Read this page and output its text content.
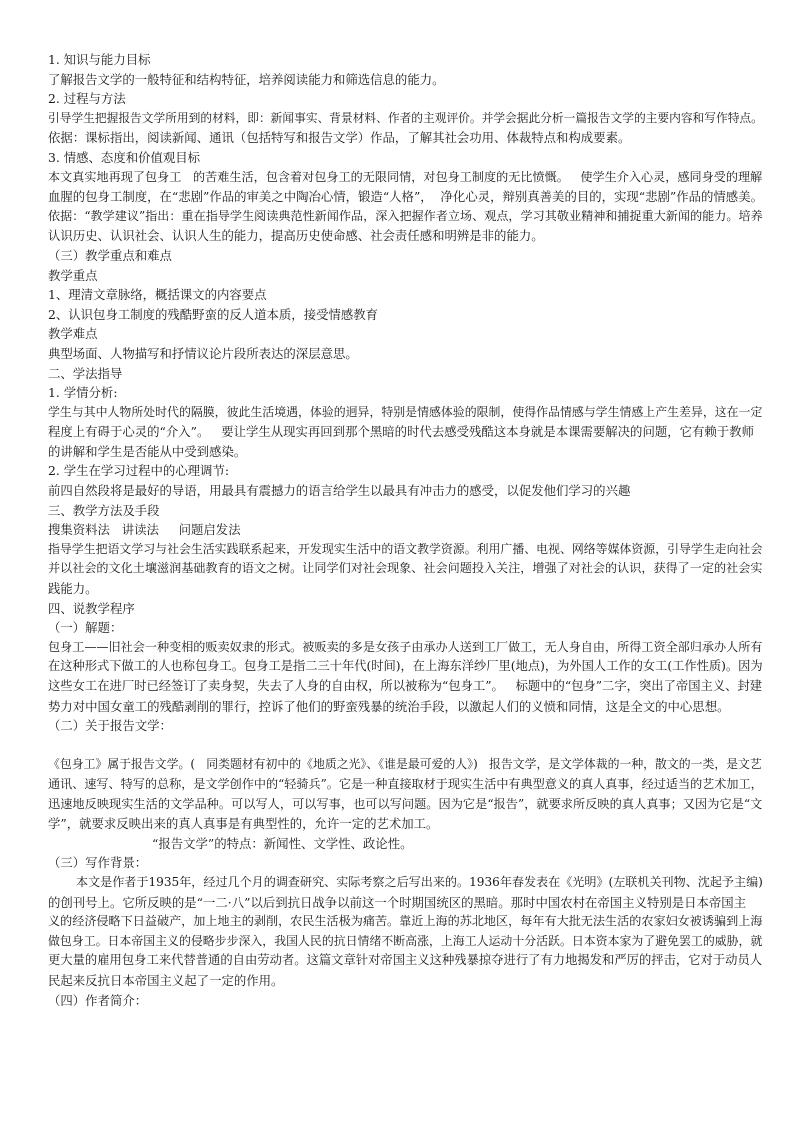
1. 知识与能力目标
了解报告文学的一般特征和结构特征，培养阅读能力和筛选信息的能力。
2. 过程与方法
引导学生把握报告文学所用到的材料，即：新闻事实、背景材料、作者的主观评价。并学会据此分析一篇报告文学的主要内容和写作特点。
依据：课标指出，阅读新闻、通讯（包括特写和报告文学）作品，了解其社会功用、体裁特点和构成要素。
3. 情感、态度和价值观目标
本文真实地再现了包身工   的苦难生活，包含着对包身工的无限同情，对包身工制度的无比愤慨。   使学生介入心灵，感同身受的理解
血腥的包身工制度，在“悲剧”作品的审美之中陶冶心情，锻造“人格”，  净化心灵，辩别真善美的目的，实现“悲剧”作品的情感美。
依据：“教学建议”指出：重在指导学生阅读典范性新闻作品，深入把握作者立场、观点，学习其敬业精神和捕捉重大新闻的能力。培养
认识历史、认识社会、认识人生的能力，提高历史使命感、社会责任感和明辨是非的能力。
（三）教学重点和难点
教学重点
1、理清文章脉络，概括课文的内容要点
2、认识包身工制度的残酷野蛮的反人道本质，接受情感教育
教学难点
典型场面、人物描写和抒情议论片段所表达的深层意思。
二、学法指导
1. 学情分析:
学生与其中人物所处时代的隔膜，彼此生活境遇，体验的迥异，特别是情感体验的限制，使得作品情感与学生情感上产生差异，这在一定
程度上有碍于心灵的“介入”。   要让学生从现实再回到那个黑暗的时代去感受残酷这本身就是本课需要解决的问题，它有赖于教师
的讲解和学生是否能从中受到感染。
2. 学生在学习过程中的心理调节:
前四自然段将是最好的导语，用最具有震撼力的语言给学生以最具有冲击力的感受，以促发他们学习的兴趣
三、教学方法及手段
搜集资料法   讲读法     问题启发法
指导学生把语文学习与社会生活实践联系起来，开发现实生活中的语文教学资源。利用广播、电视、网络等媒体资源，引导学生走向社会
并以社会的文化土壤滋润基础教育的语文之树。让同学们对社会现象、社会问题投入关注，增强了对社会的认识，获得了一定的社会实
践能力。
四、说教学程序
（一）解题：
包身工——旧社会一种变相的贩卖奴隶的形式。被贩卖的多是女孩子由承办人送到工厂做工，无人身自由，所得工资全部归承办人所有
在这种形式下做工的人也称包身工。包身工是指二三十年代(时间)，在上海东洋纱厂里(地点)，为外国人工作的女工(工作性质)。因为
这些女工在进厂时已经签订了卖身契，失去了人身的自由权，所以被称为“包身工”。   标题中的“包身”二字，突出了帝国主义、封建
势力对中国女童工的残酷剥削的罪行，控诉了他们的野蛮残暴的统治手段，以激起人们的义愤和同情，这是全文的中心思想。
（二）关于报告文学：
《包身工》属于报告文学。(   同类题材有初中的《地质之光》、《谁是最可爱的人》)   报告文学，是文学体裁的一种，散文的一类，是文艺
通讯、速写、特写的总称，是文学创作中的“轻骑兵”。它是一种直接取材于现实生活中有典型意义的真人真事，经过适当的艺术加工，
迅速地反映现实生活的文学品种。可以写人，可以写事，也可以写问题。因为它是“报告”，就要求所反映的真人真事；又因为它是“文
学”，就要求反映出来的真人真事是有典型性的，允许一定的艺术加工。
“报告文学”的特点：新闻性、文学性、政论性。
（三）写作背景：
本文是作者于1935年，经过几个月的调查研究、实际考察之后写出来的。1936年春发表在《光明》(左联机关刊物、沈起予主编)
的创刊号上。它所反映的是“一二·八”以后到抗日战争以前这一个时期国统区的黑暗。那时中国农村在帝国主义特别是日本帝国主
义的经济侵略下日益破产，加上地主的剥削，农民生活极为痛苦。靠近上海的苏北地区，每年有大批无法生活的农家妇女被诱骗到上海
做包身工。日本帝国主义的侵略步步深入，我国人民的抗日情绪不断高涨，上海工人运动十分活跃。日本资本家为了避免罢工的威胁，就
更大量的雇用包身工来代替普通的自由劳动者。这篇文章针对帝国主义这种残暴掠夺进行了有力地揭发和严厉的抨击，它对于动员人
民起来反抗日本帝国主义起了一定的作用。
（四）作者简介：
